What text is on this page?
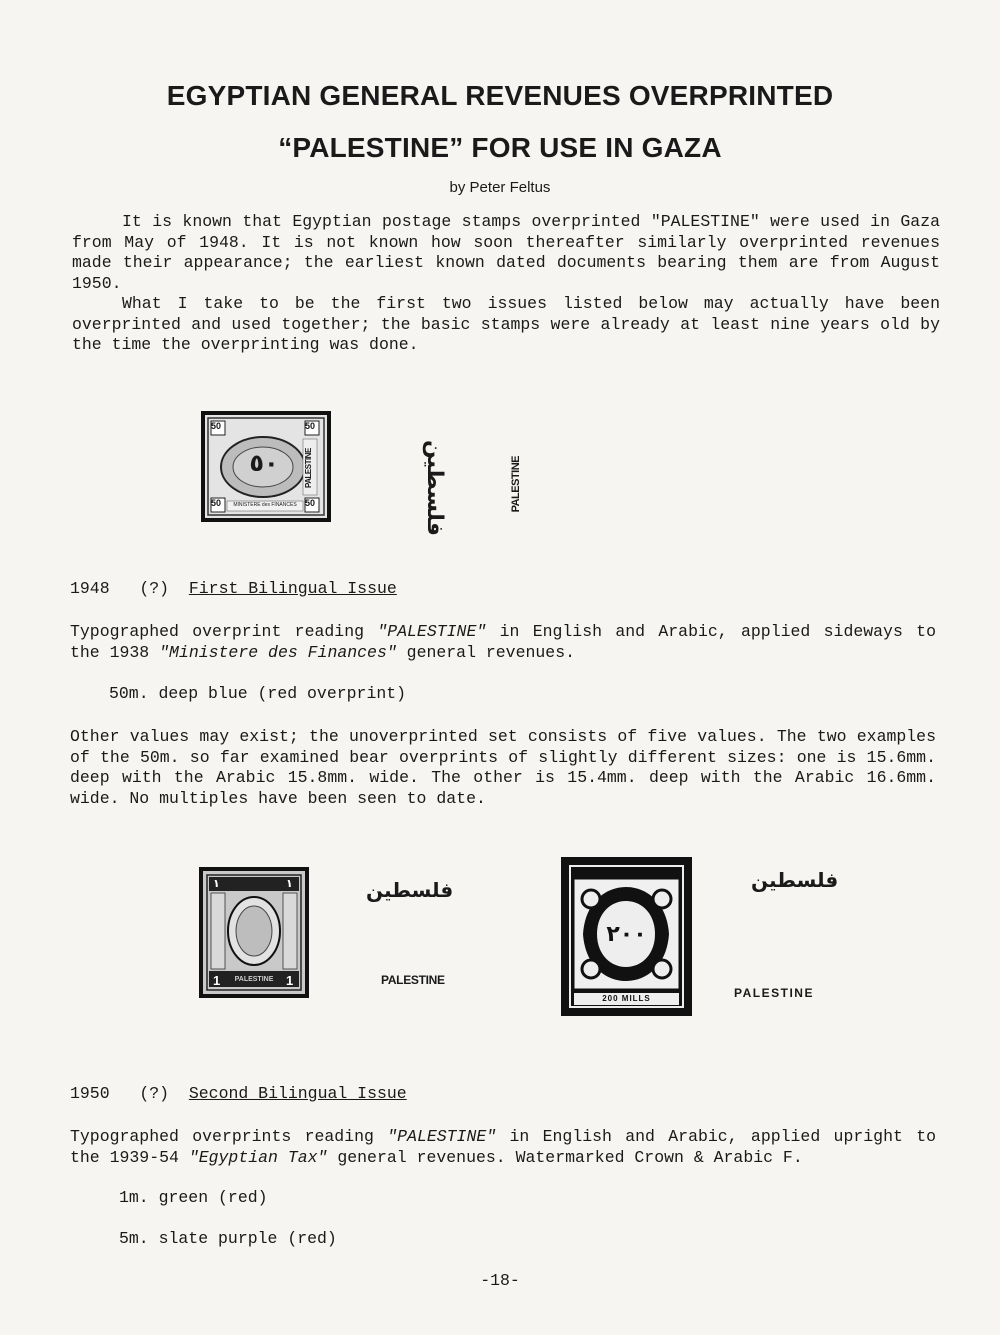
EGYPTIAN GENERAL REVENUES OVERPRINTED
“PALESTINE” FOR USE IN GAZA
by Peter Feltus

It is known that Egyptian postage stamps overprinted "PALESTINE" were used in Gaza from May of 1948. It is not known how soon thereafter similarly overprinted revenues made their appearance; the earliest known dated documents bearing them are from August 1950.

What I take to be the first two issues listed below may actually have been overprinted and used together; the basic stamps were already at least nine years old by the time the overprinting was done.

50	50
50	50
٥٠
MINISTERE des FINANCES
PALESTINE	فلسطين	PALESTINE
1948 (?) First Bilingual Issue
Typographed overprint reading "PALESTINE" in English and Arabic, applied sideways to the 1938 "Ministere des Finances" general revenues.
50m. deep blue (red overprint)
Other values may exist; the unoverprinted set consists of five values. The two examples of the 50m. so far examined bear overprints of slightly different sizes: one is 15.6mm. deep with the Arabic 15.8mm. wide. The other is 15.4mm. deep with the Arabic 16.6mm. wide. No multiples have been seen to date.
1	1
١	١
PALESTINE
فلسطين
PALESTINE
٢٠٠
200 MILLS
فلسطين
PALESTINE
1950 (?) Second Bilingual Issue
Typographed overprints reading "PALESTINE" in English and Arabic, applied upright to the 1939-54 "Egyptian Tax" general revenues. Watermarked Crown & Arabic F.
1m. green (red)
5m. slate purple (red)
-18-
